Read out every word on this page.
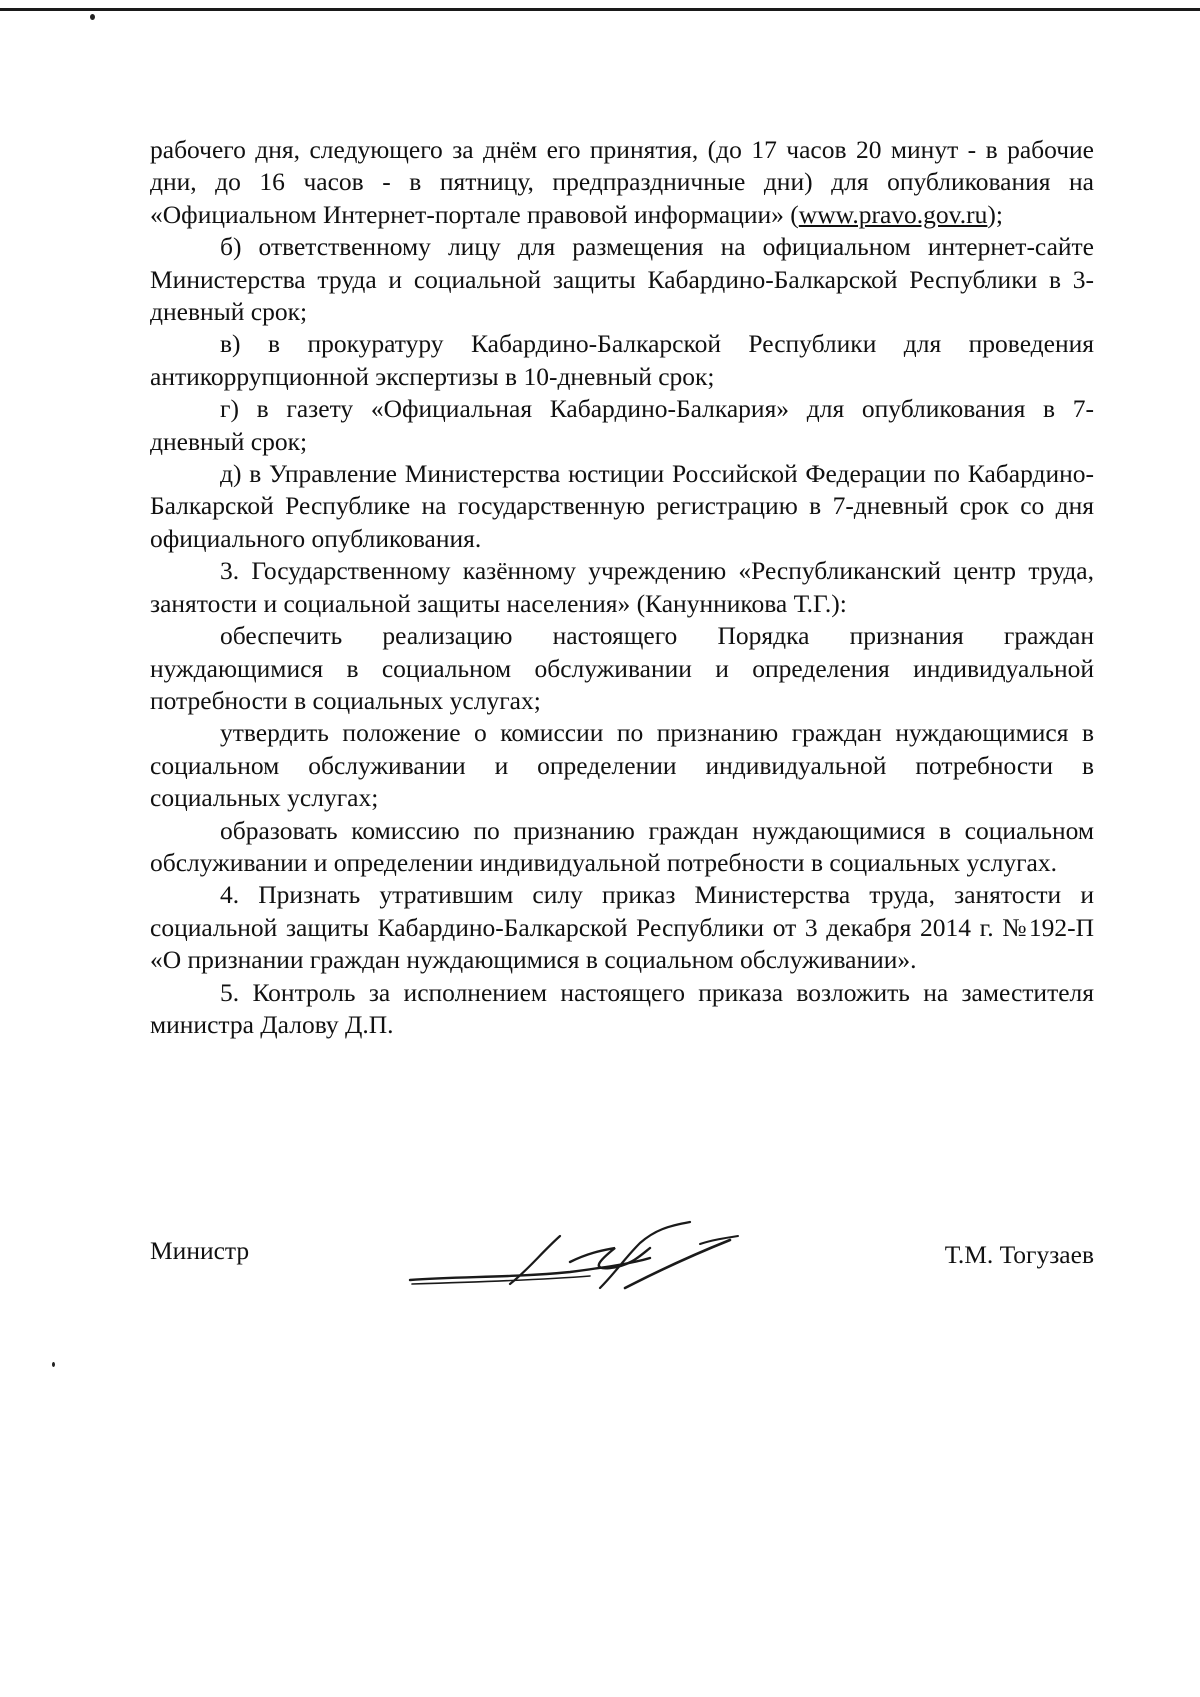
рабочего дня, следующего за днём его принятия, (до 17 часов 20 минут - в рабочие дни, до 16 часов - в пятницу, предпраздничные дни) для опубликования на «Официальном Интернет-портале правовой информации» (www.pravo.gov.ru);

б) ответственному лицу для размещения на официальном интернет-сайте Министерства труда и социальной защиты Кабардино-Балкарской Республики в 3-дневный срок;

в) в прокуратуру Кабардино-Балкарской Республики для проведения антикоррупционной экспертизы в 10-дневный срок;

г) в газету «Официальная Кабардино-Балкария» для опубликования в 7-дневный срок;

д) в Управление Министерства юстиции Российской Федерации по Кабардино-Балкарской Республике на государственную регистрацию в 7-дневный срок со дня официального опубликования.

3. Государственному казённому учреждению «Республиканский центр труда, занятости и социальной защиты населения» (Канунникова Т.Г.):

обеспечить реализацию настоящего Порядка признания граждан нуждающимися в социальном обслуживании и определения индивидуальной потребности в социальных услугах;

утвердить положение о комиссии по признанию граждан нуждающимися в социальном обслуживании и определении индивидуальной потребности в социальных услугах;

образовать комиссию по признанию граждан нуждающимися в социальном обслуживании и определении индивидуальной потребности в социальных услугах.

4. Признать утратившим силу приказ Министерства труда, занятости и социальной защиты Кабардино-Балкарской Республики от 3 декабря 2014 г. №192-П «О признании граждан нуждающимися в социальном обслуживании».

5. Контроль за исполнением настоящего приказа возложить на заместителя министра Далову Д.П.

Министр	Т.М. Тогузаев
